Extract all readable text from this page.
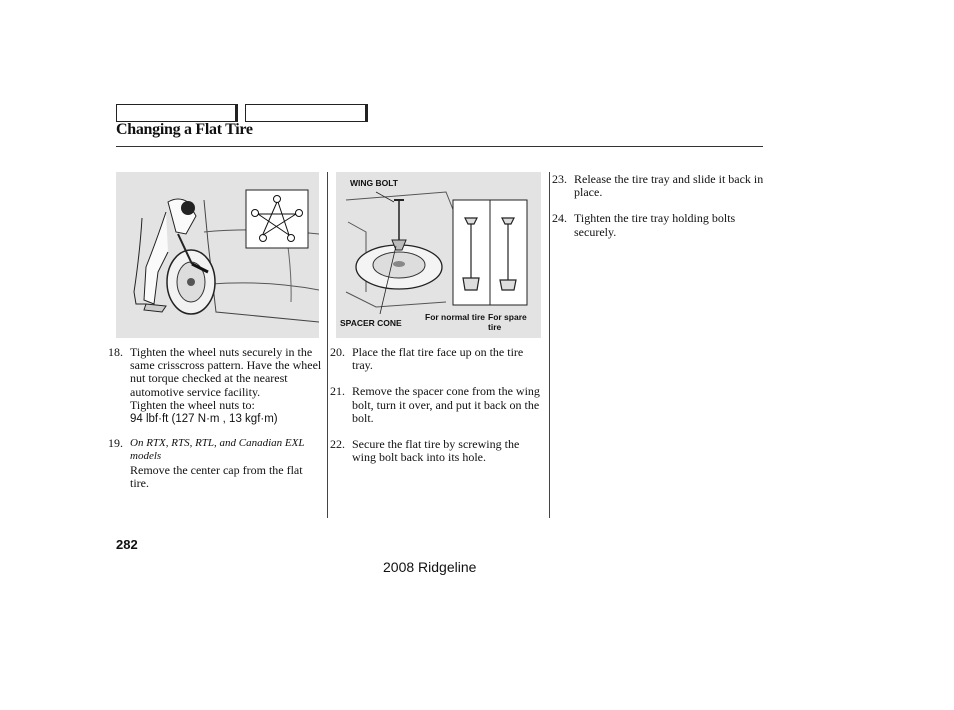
Changing a Flat Tire
WING BOLT
SPACER CONE
For normal tire For spare tire
18. Tighten the wheel nuts securely in the same crisscross pattern. Have the wheel nut torque checked at the nearest automotive service facility.
Tighten the wheel nuts to:
94 lbf·ft (127 N·m , 13 kgf·m)
19. On RTX, RTS, RTL, and Canadian EXL models
Remove the center cap from the flat tire.
20. Place the flat tire face up on the tire tray.
21. Remove the spacer cone from the wing bolt, turn it over, and put it back on the bolt.
22. Secure the flat tire by screwing the wing bolt back into its hole.
23. Release the tire tray and slide it back in place.
24. Tighten the tire tray holding bolts securely.
282
2008 Ridgeline
